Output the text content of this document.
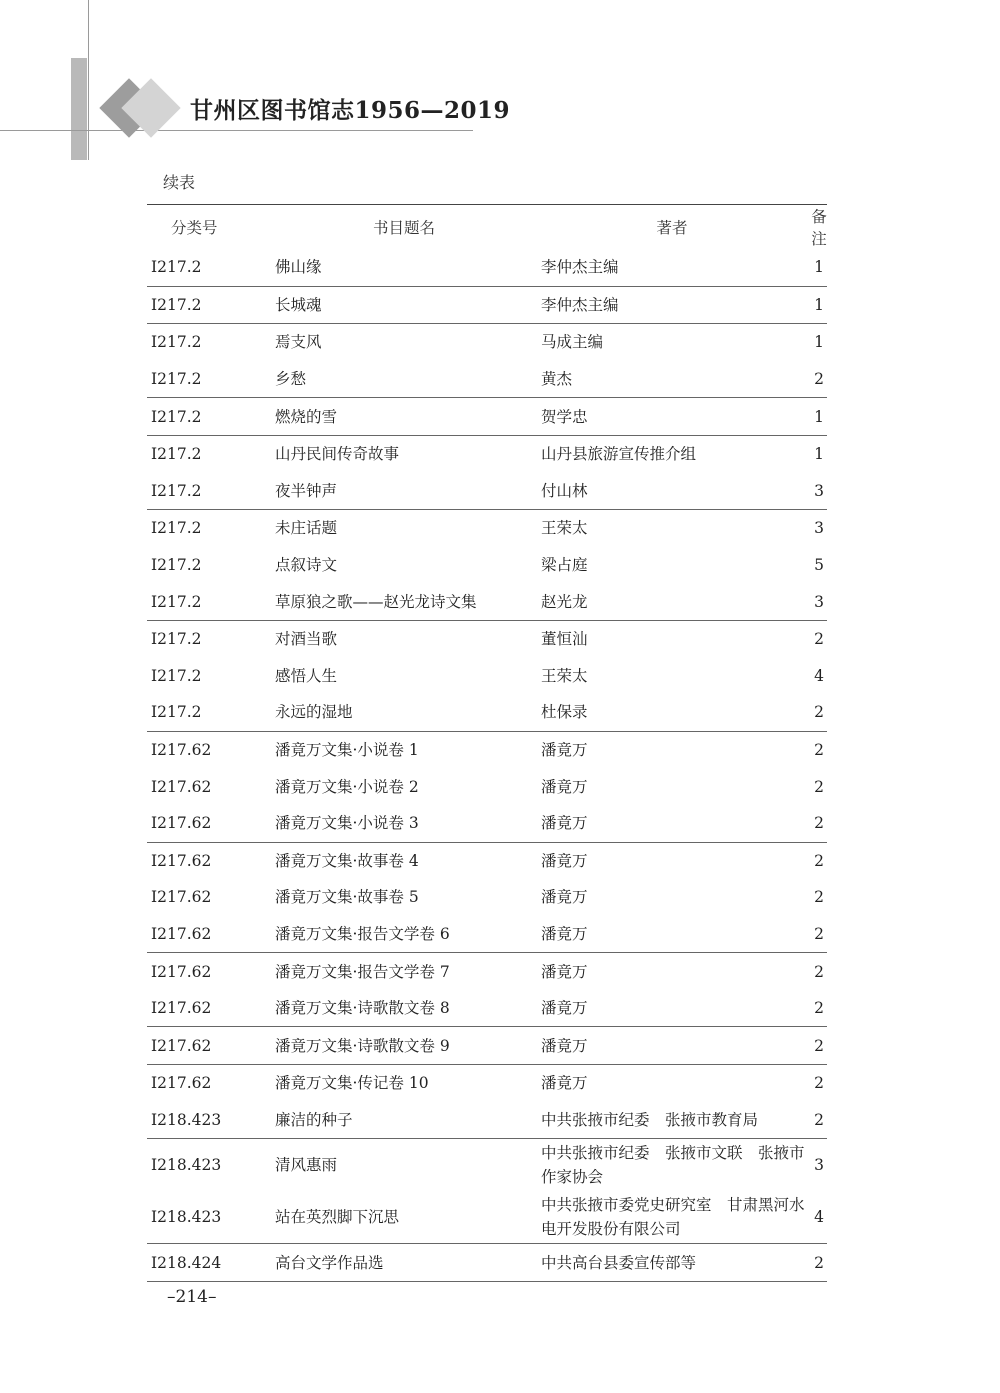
甘州区图书馆志1956—2019
续表
分类号	书目题名	著者	备注
I217.2	佛山缘	李仲杰主编	1
I217.2	长城魂	李仲杰主编	1
I217.2	焉支风	马成主编	1
I217.2	乡愁	黄杰	2
I217.2	燃烧的雪	贺学忠	1
I217.2	山丹民间传奇故事	山丹县旅游宣传推介组	1
I217.2	夜半钟声	付山林	3
I217.2	未庄话题	王荣太	3
I217.2	点叙诗文	梁占庭	5
I217.2	草原狼之歌——赵光龙诗文集	赵光龙	3
I217.2	对酒当歌	董恒汕	2
I217.2	感悟人生	王荣太	4
I217.2	永远的湿地	杜保录	2
I217.62	潘竟万文集·小说卷 1	潘竟万	2
I217.62	潘竟万文集·小说卷 2	潘竟万	2
I217.62	潘竟万文集·小说卷 3	潘竟万	2
I217.62	潘竟万文集·故事卷 4	潘竟万	2
I217.62	潘竟万文集·故事卷 5	潘竟万	2
I217.62	潘竟万文集·报告文学卷 6	潘竟万	2
I217.62	潘竟万文集·报告文学卷 7	潘竟万	2
I217.62	潘竟万文集·诗歌散文卷 8	潘竟万	2
I217.62	潘竟万文集·诗歌散文卷 9	潘竟万	2
I217.62	潘竟万文集·传记卷 10	潘竟万	2
I218.423	廉洁的种子	中共张掖市纪委　张掖市教育局	2
I218.423	清风惠雨	中共张掖市纪委　张掖市文联　张掖市作家协会	3
I218.423	站在英烈脚下沉思	中共张掖市委党史研究室　甘肃黑河水电开发股份有限公司	4
I218.424	高台文学作品选	中共高台县委宣传部等	2
–214–
